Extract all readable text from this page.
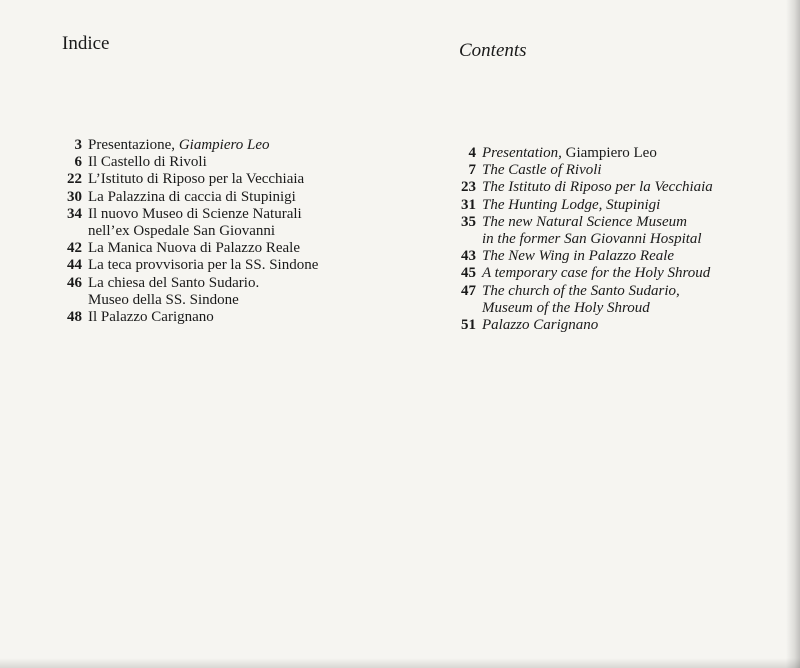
Indice	Contents
3 Presentazione, Giampiero Leo
6 Il Castello di Rivoli
22 L’Istituto di Riposo per la Vecchiaia
30 La Palazzina di caccia di Stupinigi
34 Il nuovo Museo di Scienze Naturali
nell’ex Ospedale San Giovanni
42 La Manica Nuova di Palazzo Reale
44 La teca provvisoria per la SS. Sindone
46 La chiesa del Santo Sudario.
Museo della SS. Sindone
48 Il Palazzo Carignano
4 Presentation, Giampiero Leo
7 The Castle of Rivoli
23 The Istituto di Riposo per la Vecchiaia
31 The Hunting Lodge, Stupinigi
35 The new Natural Science Museum
in the former San Giovanni Hospital
43 The New Wing in Palazzo Reale
45 A temporary case for the Holy Shroud
47 The church of the Santo Sudario,
Museum of the Holy Shroud
51 Palazzo Carignano
